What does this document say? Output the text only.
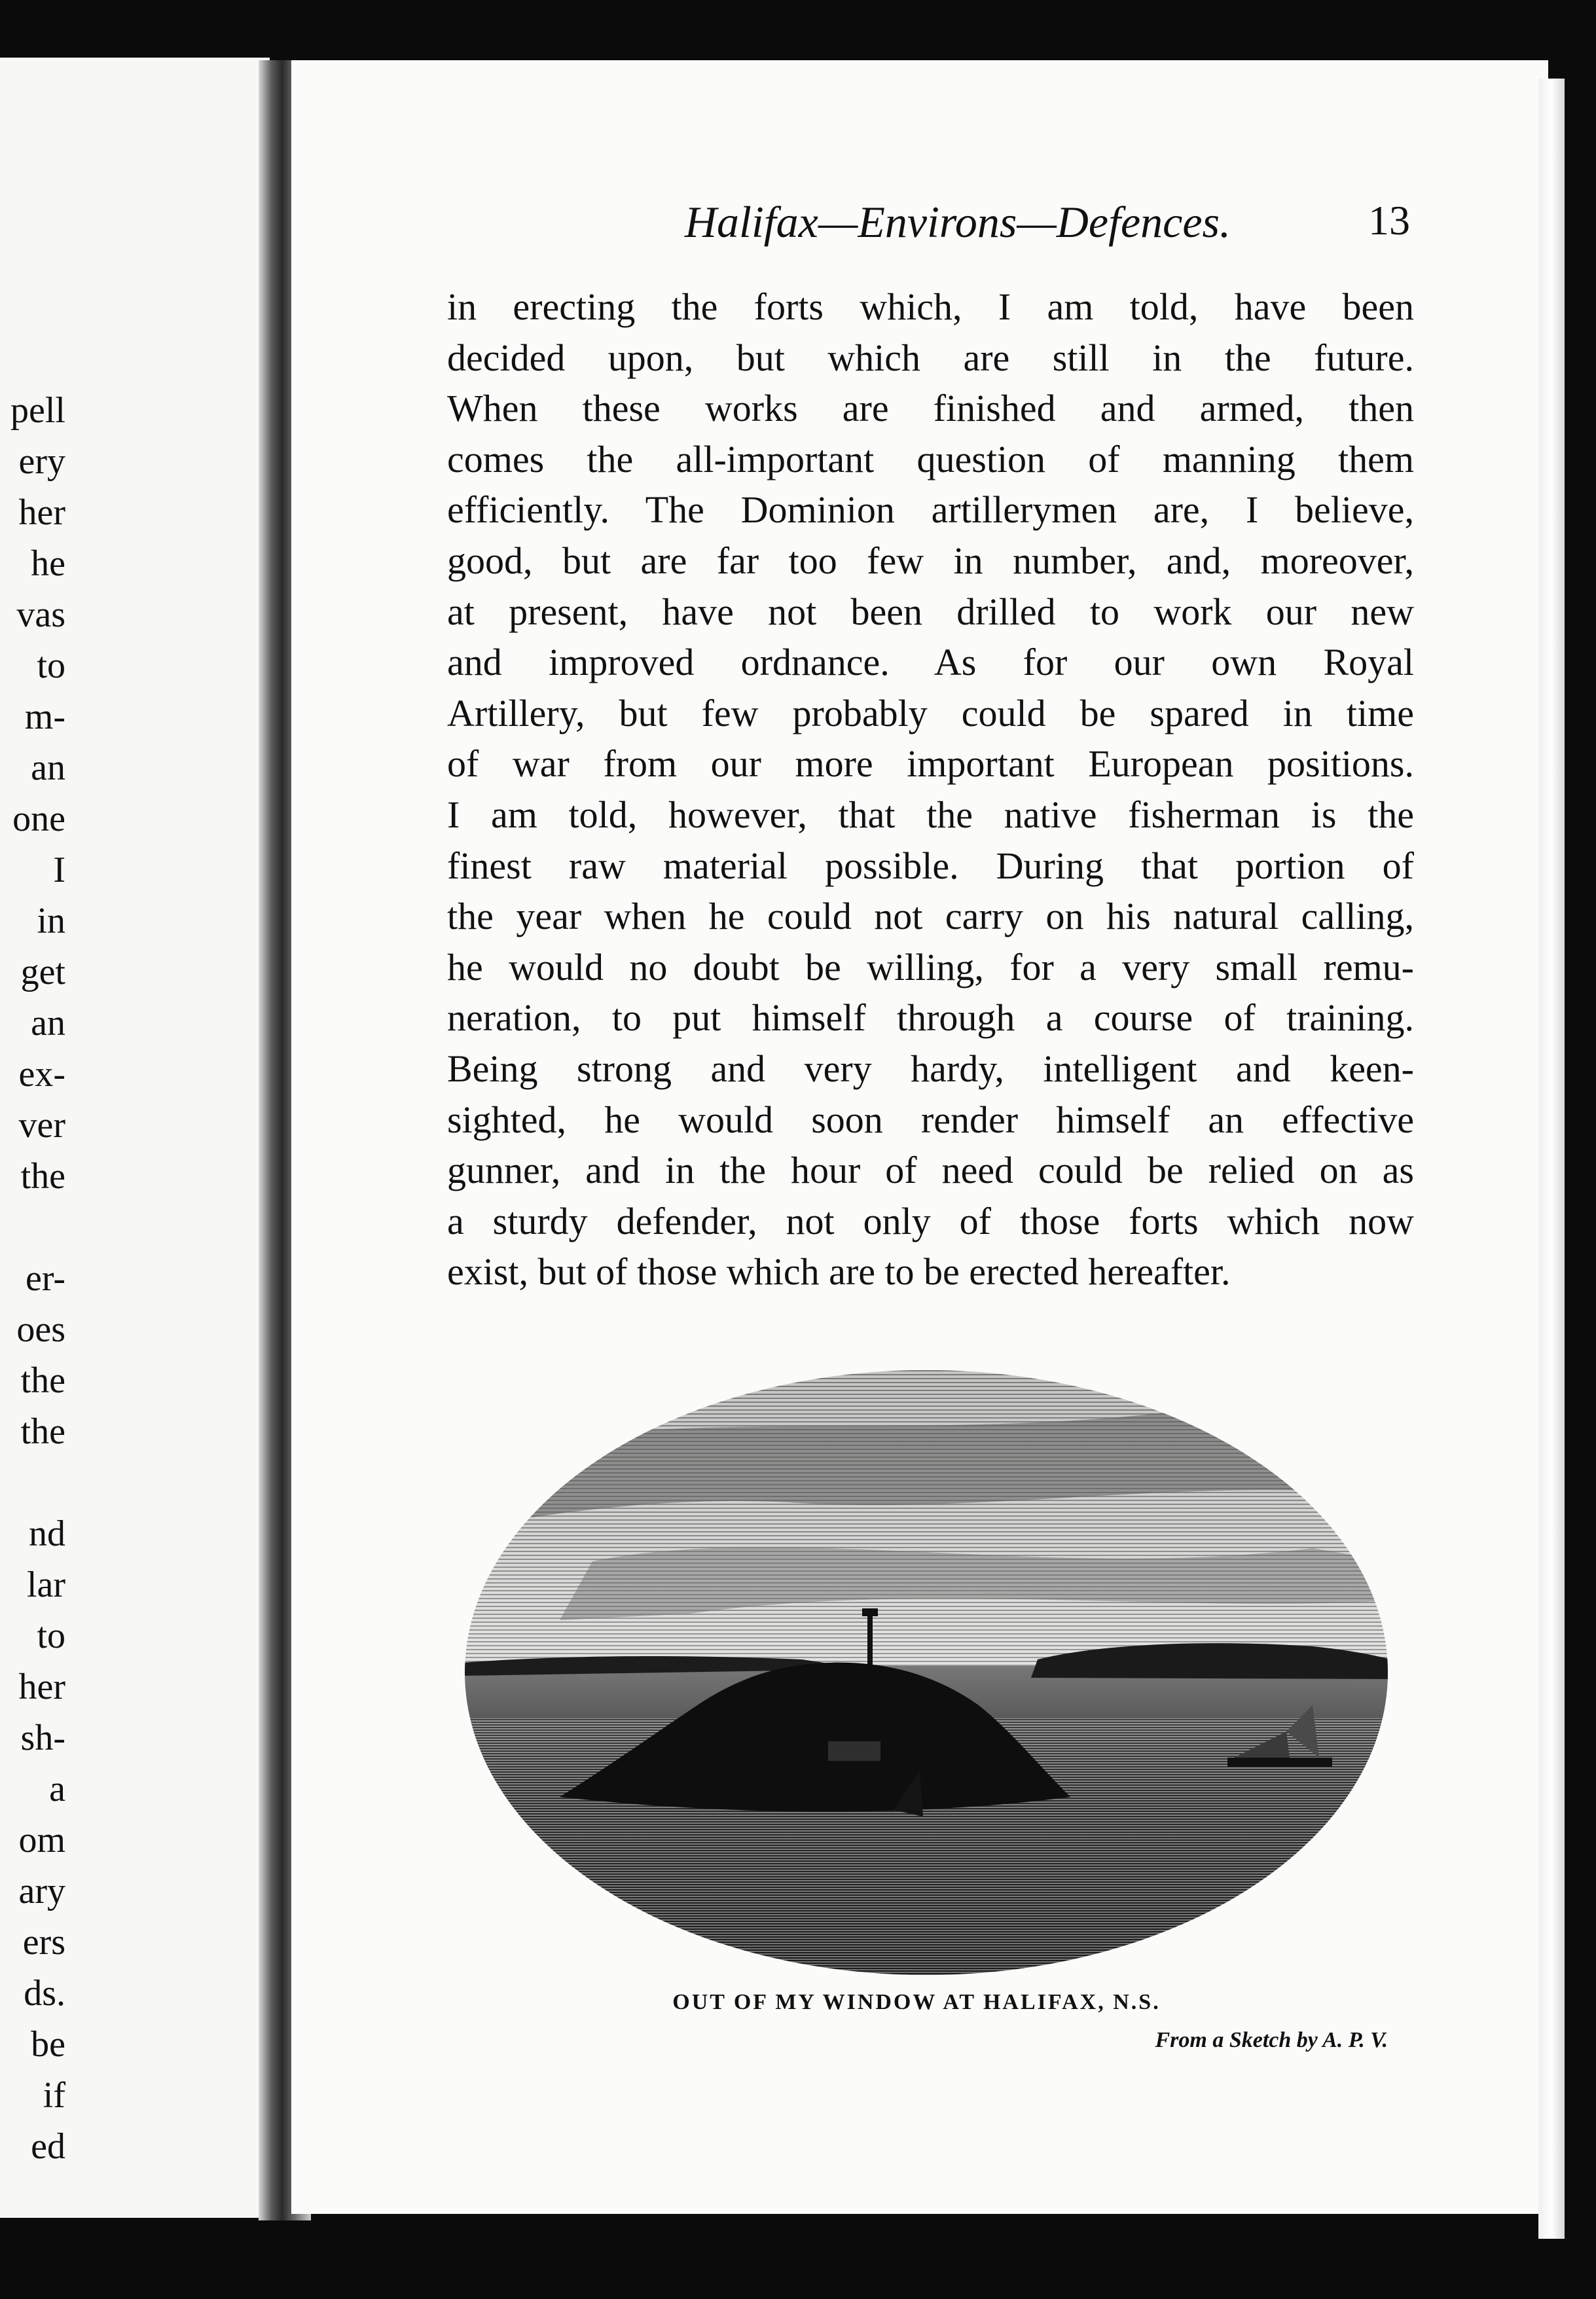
pell
ery
her
he
vas
to
m-
an
one
I
in
get
an
ex-
ver
the
er-
oes
the
the
nd
lar
to
her
sh-
a
om
ary
ers
ds.
be
if
ed
Halifax—Environs—Defences.	13
in erecting the forts which, I am told, have been
decided upon, but which are still in the future.
When these works are finished and armed, then
comes the all-important question of manning them
efficiently. The Dominion artillerymen are, I believe,
good, but are far too few in number, and, moreover,
at present, have not been drilled to work our new
and improved ordnance. As for our own Royal
Artillery, but few probably could be spared in time
of war from our more important European positions.
I am told, however, that the native fisherman is the
finest raw material possible. During that portion of
the year when he could not carry on his natural calling,
he would no doubt be willing, for a very small remu-
neration, to put himself through a course of training.
Being strong and very hardy, intelligent and keen-
sighted, he would soon render himself an effective
gunner, and in the hour of need could be relied on as
a sturdy defender, not only of those forts which now
exist, but of those which are to be erected hereafter.
OUT OF MY WINDOW AT HALIFAX, N.S.
From a Sketch by A. P. V.
